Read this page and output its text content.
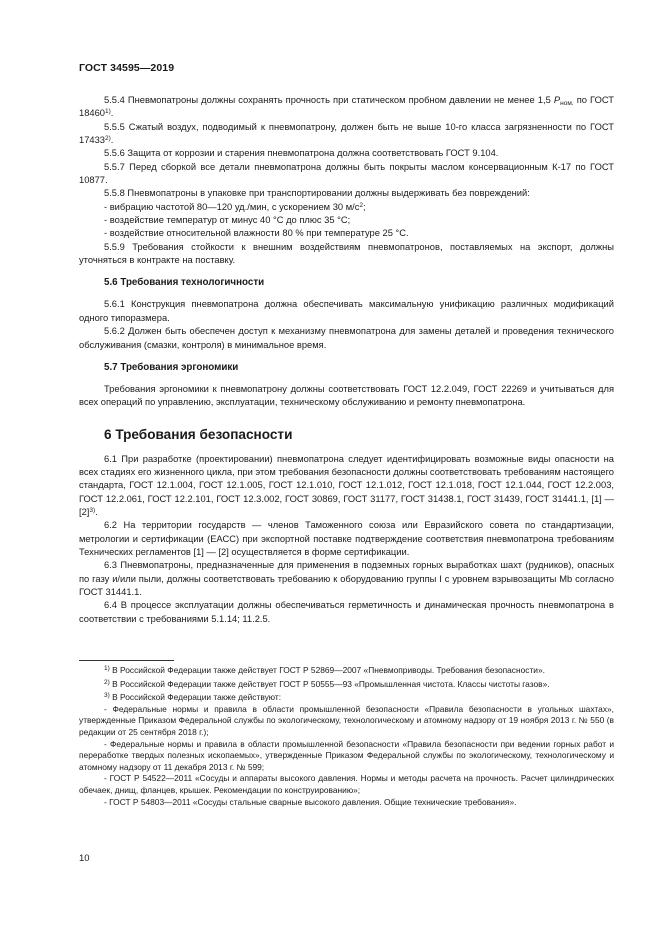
ГОСТ 34595—2019

5.5.4 Пневмопатроны должны сохранять прочность при статическом пробном давлении не менее 1,5 $P_{ном.}$ по ГОСТ 18460$^{1)}$.

5.5.5 Сжатый воздух, подводимый к пневмопатрону, должен быть не выше 10-го класса загрязненности по ГОСТ 17433$^{2)}$.

5.5.6 Защита от коррозии и старения пневмопатрона должна соответствовать ГОСТ 9.104.

5.5.7 Перед сборкой все детали пневмопатрона должны быть покрыты маслом консервационным К-17 по ГОСТ 10877.

5.5.8 Пневмопатроны в упаковке при транспортировании должны выдерживать без повреждений:

- вибрацию частотой 80—120 уд./мин, с ускорением 30 $м/с^2$;

- воздействие температур от минус 40 °С до плюс 35 °С;

- воздействие относительной влажности 80 % при температуре 25 °С.

5.5.9 Требования стойкости к внешним воздействиям пневмопатронов, поставляемых на экспорт, должны уточняться в контракте на поставку.

5.6 Требования технологичности

5.6.1 Конструкция пневмопатрона должна обеспечивать максимальную унификацию различных модификаций одного типоразмера.

5.6.2 Должен быть обеспечен доступ к механизму пневмопатрона для замены деталей и проведения технического обслуживания (смазки, контроля) в минимальное время.

5.7 Требования эргономики

Требования эргономики к пневмопатрону должны соответствовать ГОСТ 12.2.049, ГОСТ 22269 и учитываться для всех операций по управлению, эксплуатации, техническому обслуживанию и ремонту пневмопатрона.

6 Требования безопасности

6.1 При разработке (проектировании) пневмопатрона следует идентифицировать возможные виды опасности на всех стадиях его жизненного цикла, при этом требования безопасности должны соответствовать требованиям настоящего стандарта, ГОСТ 12.1.004, ГОСТ 12.1.005, ГОСТ 12.1.010, ГОСТ 12.1.012, ГОСТ 12.1.018, ГОСТ 12.1.044, ГОСТ 12.2.003, ГОСТ 12.2.061, ГОСТ 12.2.101, ГОСТ 12.3.002, ГОСТ 30869, ГОСТ 31177, ГОСТ 31438.1, ГОСТ 31439, ГОСТ 31441.1, [1] — $[2]^{3)}$.

6.2 На территории государств — членов Таможенного союза или Евразийского совета по стандартизации, метрологии и сертификации (ЕАСС) при экспортной поставке подтверждение соответствия пневмопатрона требованиям Технических регламентов [1] — [2] осуществляется в форме сертификации.

6.3 Пневмопатроны, предназначенные для применения в подземных горных выработках шахт (рудников), опасных по газу и/или пыли, должны соответствовать требованию к оборудованию группы I с уровнем взрывозащиты Mb согласно ГОСТ 31441.1.

6.4 В процессе эксплуатации должны обеспечиваться герметичность и динамическая прочность пневмопатрона в соответствии с требованиями 5.1.14; 11.2.5.

$^{1)}$ В Российской Федерации также действует ГОСТ Р 52869—2007 «Пневмоприводы. Требования безопасности».

$^{2)}$ В Российской Федерации также действует ГОСТ Р 50555—93 «Промышленная чистота. Классы чистоты газов».

$^{3)}$ В Российской Федерации также действуют:

- Федеральные нормы и правила в области промышленной безопасности «Правила безопасности в угольных шахтах», утвержденные Приказом Федеральной службы по экологическому, технологическому и атомному надзору от 19 ноября 2013 г. № 550 (в редакции от 25 сентября 2018 г.);

- Федеральные нормы и правила в области промышленной безопасности «Правила безопасности при ведении горных работ и переработке твердых полезных ископаемых», утвержденные Приказом Федеральной службы по экологическому, технологическому и атомному надзору от 11 декабря 2013 г. № 599;

- ГОСТ Р 54522—2011 «Сосуды и аппараты высокого давления. Нормы и методы расчета на прочность. Расчет цилиндрических обечаек, днищ, фланцев, крышек. Рекомендации по конструированию»;

- ГОСТ Р 54803—2011 «Сосуды стальные сварные высокого давления. Общие технические требования».

10
